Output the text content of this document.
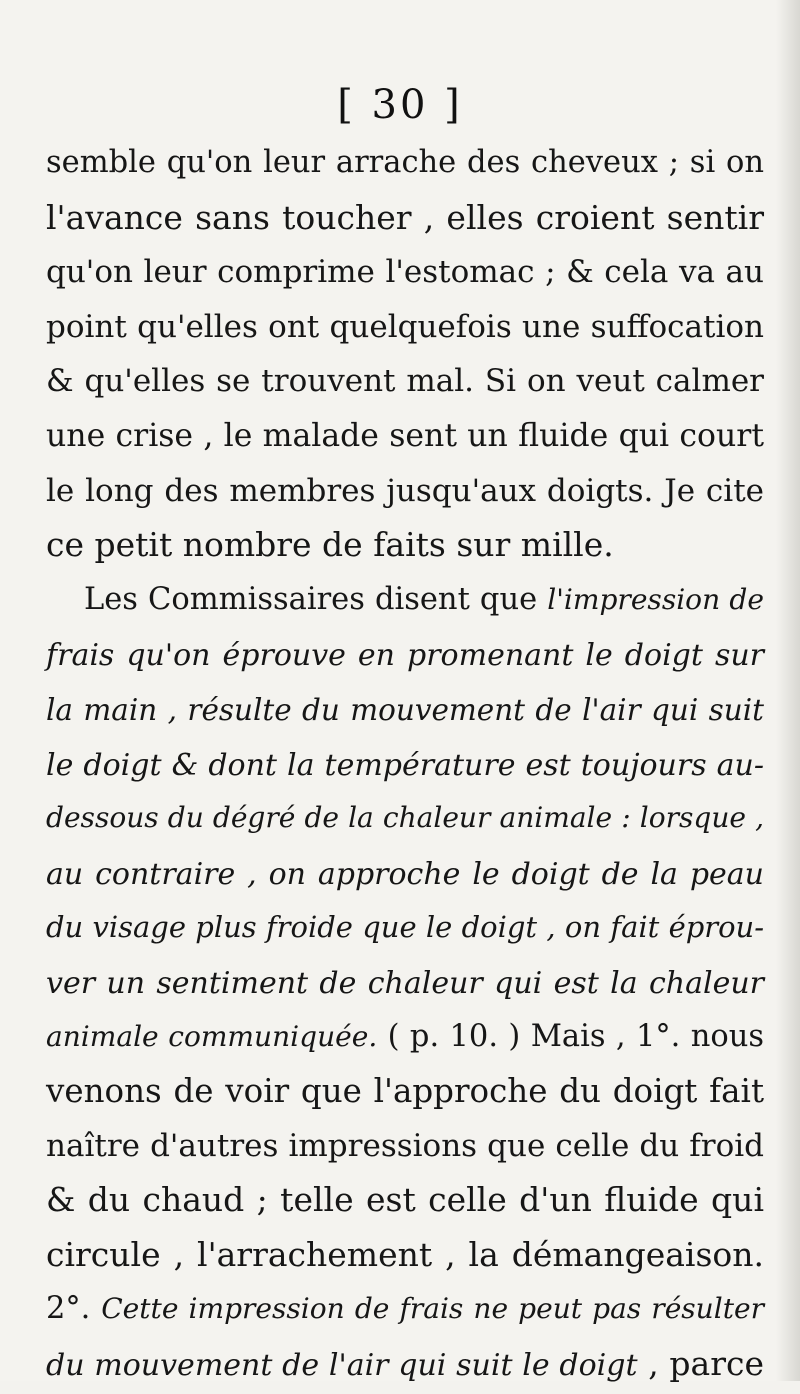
[ 30 ]
semble qu'on leur arrache des cheveux ; si on
l'avance sans toucher , elles croient sentir
qu'on leur comprime l'estomac ; & cela va au
point qu'elles ont quelquefois une suffocation
& qu'elles se trouvent mal. Si on veut calmer
une crise , le malade sent un fluide qui court
le long des membres jusqu'aux doigts. Je cite
ce petit nombre de faits sur mille.
Les Commissaires disent que l'impression de
frais qu'on éprouve en promenant le doigt sur
la main , résulte du mouvement de l'air qui suit
le doigt & dont la température est toujours au-
dessous du dégré de la chaleur animale : lorsque ,
au contraire , on approche le doigt de la peau
du visage plus froide que le doigt , on fait éprou-
ver un sentiment de chaleur qui est la chaleur
animale communiquée. ( p. 10. ) Mais , 1°. nous
venons de voir que l'approche du doigt fait
naître d'autres impressions que celle du froid
& du chaud ; telle est celle d'un fluide qui
circule , l'arrachement , la démangeaison.
2°. Cette impression de frais ne peut pas résulter
du mouvement de l'air qui suit le doigt , parce
